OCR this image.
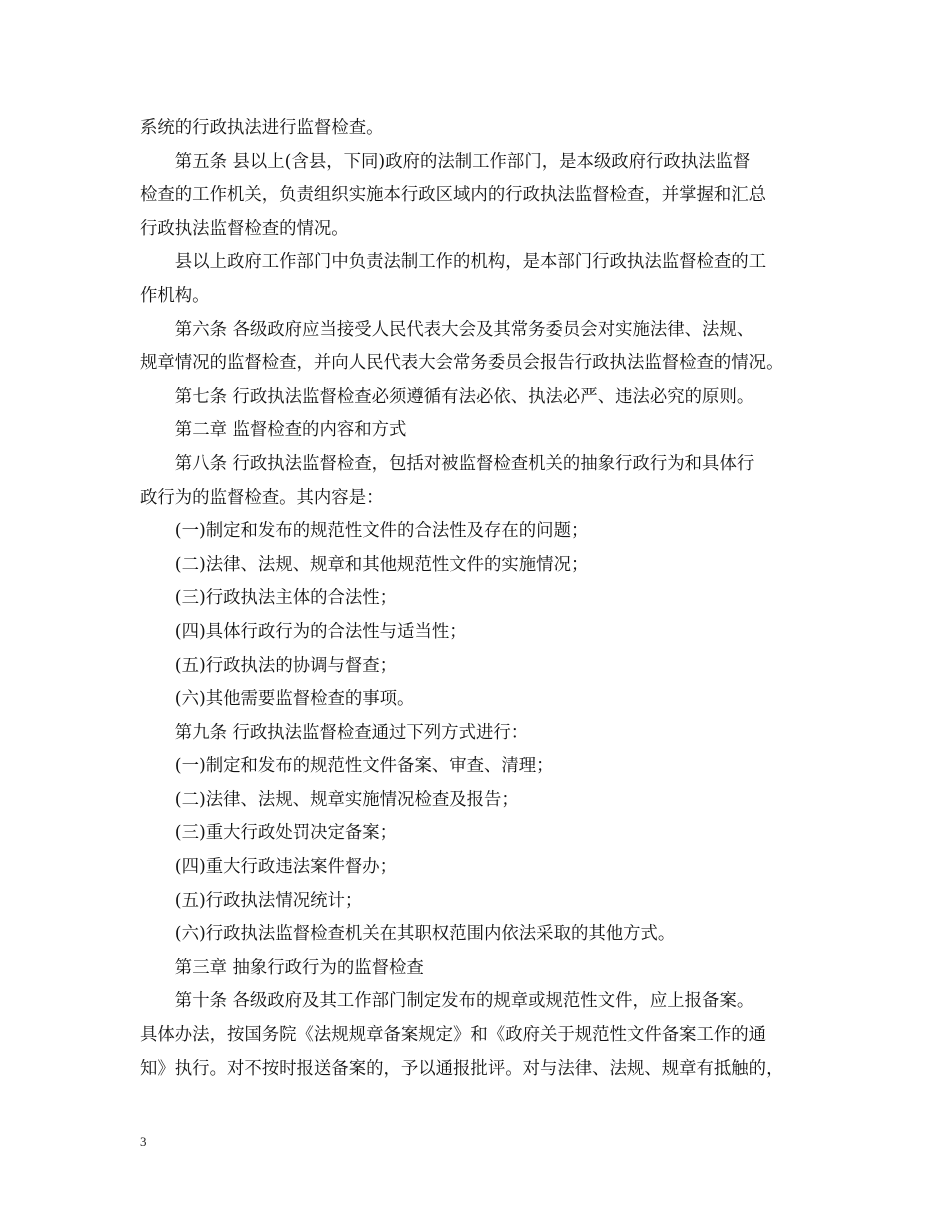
系统的行政执法进行监督检查。

第五条 县以上(含县，下同)政府的法制工作部门，是本级政府行政执法监督

检查的工作机关，负责组织实施本行政区域内的行政执法监督检查，并掌握和汇总

行政执法监督检查的情况。

县以上政府工作部门中负责法制工作的机构，是本部门行政执法监督检查的工

作机构。

第六条 各级政府应当接受人民代表大会及其常务委员会对实施法律、法规、

规章情况的监督检查，并向人民代表大会常务委员会报告行政执法监督检查的情况。

第七条 行政执法监督检查必须遵循有法必依、执法必严、违法必究的原则。

第二章 监督检查的内容和方式

第八条 行政执法监督检查，包括对被监督检查机关的抽象行政行为和具体行

政行为的监督检查。其内容是：

(一)制定和发布的规范性文件的合法性及存在的问题；

(二)法律、法规、规章和其他规范性文件的实施情况；

(三)行政执法主体的合法性；

(四)具体行政行为的合法性与适当性；

(五)行政执法的协调与督查；

(六)其他需要监督检查的事项。

第九条 行政执法监督检查通过下列方式进行：

(一)制定和发布的规范性文件备案、审查、清理；

(二)法律、法规、规章实施情况检查及报告；

(三)重大行政处罚决定备案；

(四)重大行政违法案件督办；

(五)行政执法情况统计；

(六)行政执法监督检查机关在其职权范围内依法采取的其他方式。

第三章 抽象行政行为的监督检查

第十条 各级政府及其工作部门制定发布的规章或规范性文件，应上报备案。

具体办法，按国务院《法规规章备案规定》和《政府关于规范性文件备案工作的通

知》执行。对不按时报送备案的，予以通报批评。对与法律、法规、规章有抵触的，

3
